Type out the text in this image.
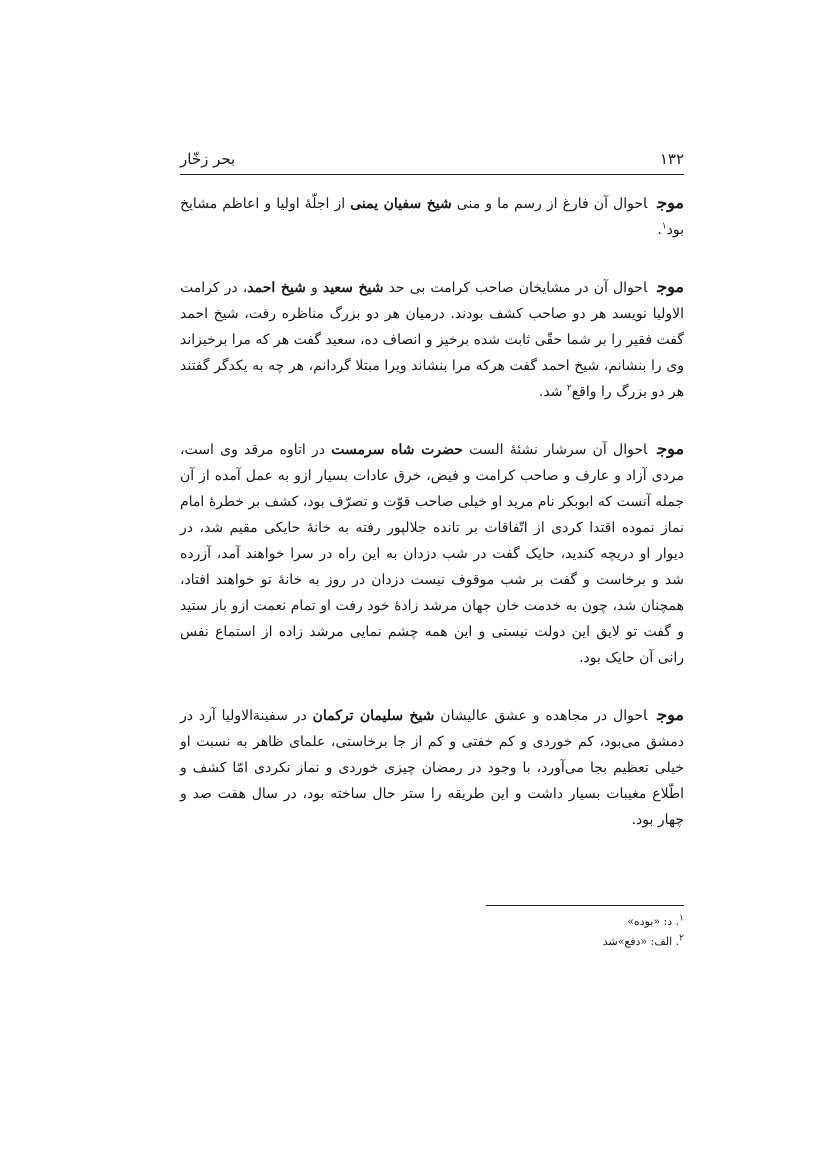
۱۳۲
بحر زخّار

موجاحوال آن فارغ از رسم ما و منی شیخ سفیان یمنی از اجلّهٔ اولیا و اعاظم مشایخ بود$^۱$.

موجاحوال آن در مشایخان صاحب کرامت بی حد شیخ سعید و شیخ احمد، در کرامت الاولیا نویسد هر دو صاحب کشف بودند. درمیان هر دو بزرگ مناظره رفت، شیخ احمد گفت فقیر را بر شما حقّی ثابت شده برخیز و انصاف ده، سعید گفت هر که مرا برخیزاند وی را بنشانم، شیخ احمد گفت هرکه مرا بنشاند ویرا مبتلا گردانم، هر چه به یکدگر گفتند هر دو بزرگ را واقع$^۲$ شد.

موجاحوال آن سرشار نشئهٔ الست حضرت شاه سرمست در اتاوه مرقد وی است، مردی آزاد و عارف و صاحب کرامت و فیض، خرق عادات بسیار ازو به عمل آمده از آن جمله آنست که ابوبکر نام مرید او خیلی صاحب قوّت و تصرّف بود، کشف بر خطرهٔ امام نماز نموده اقتدا کردی از اتّفاقات بر تانده جلالپور رفته به خانهٔ حایکی مقیم شد، در دیوار او دریچه کندید، حایک گفت در شب دزدان به این راه در سرا خواهند آمد، آزرده شد و برخاست و گفت بر شب موقوف نیست دزدان در روز به خانهٔ تو خواهند افتاد، همچنان شد، چون به خدمت خان جهان مرشد زادهٔ خود رفت او تمام نعمت ازو باز ستید و گفت تو لایق این دولت نیستی و این همه چشم نمایی مرشد زاده از استماع نفس رانی آن حایک بود.

موجاحوال در مجاهده و عشق عالیشان شیخ سلیمان ترکمان در سفینةالاولیا آرد در دمشق می‌بود، کم خوردی و کم خفتی و کم از جا برخاستی، علمای ظاهر به نسبت او خیلی تعظیم بجا می‌آورد، با وجود در رمضان چیزی خوردی و نماز نکردی امّا کشف و اطّلاع مغیبات بسیار داشت و این طریقه را ستر حال ساخته بود، در سال هفت صد و چهار بود.

$^۱$. د: «بوده»
$^۲$. الف: «دفع»شد
